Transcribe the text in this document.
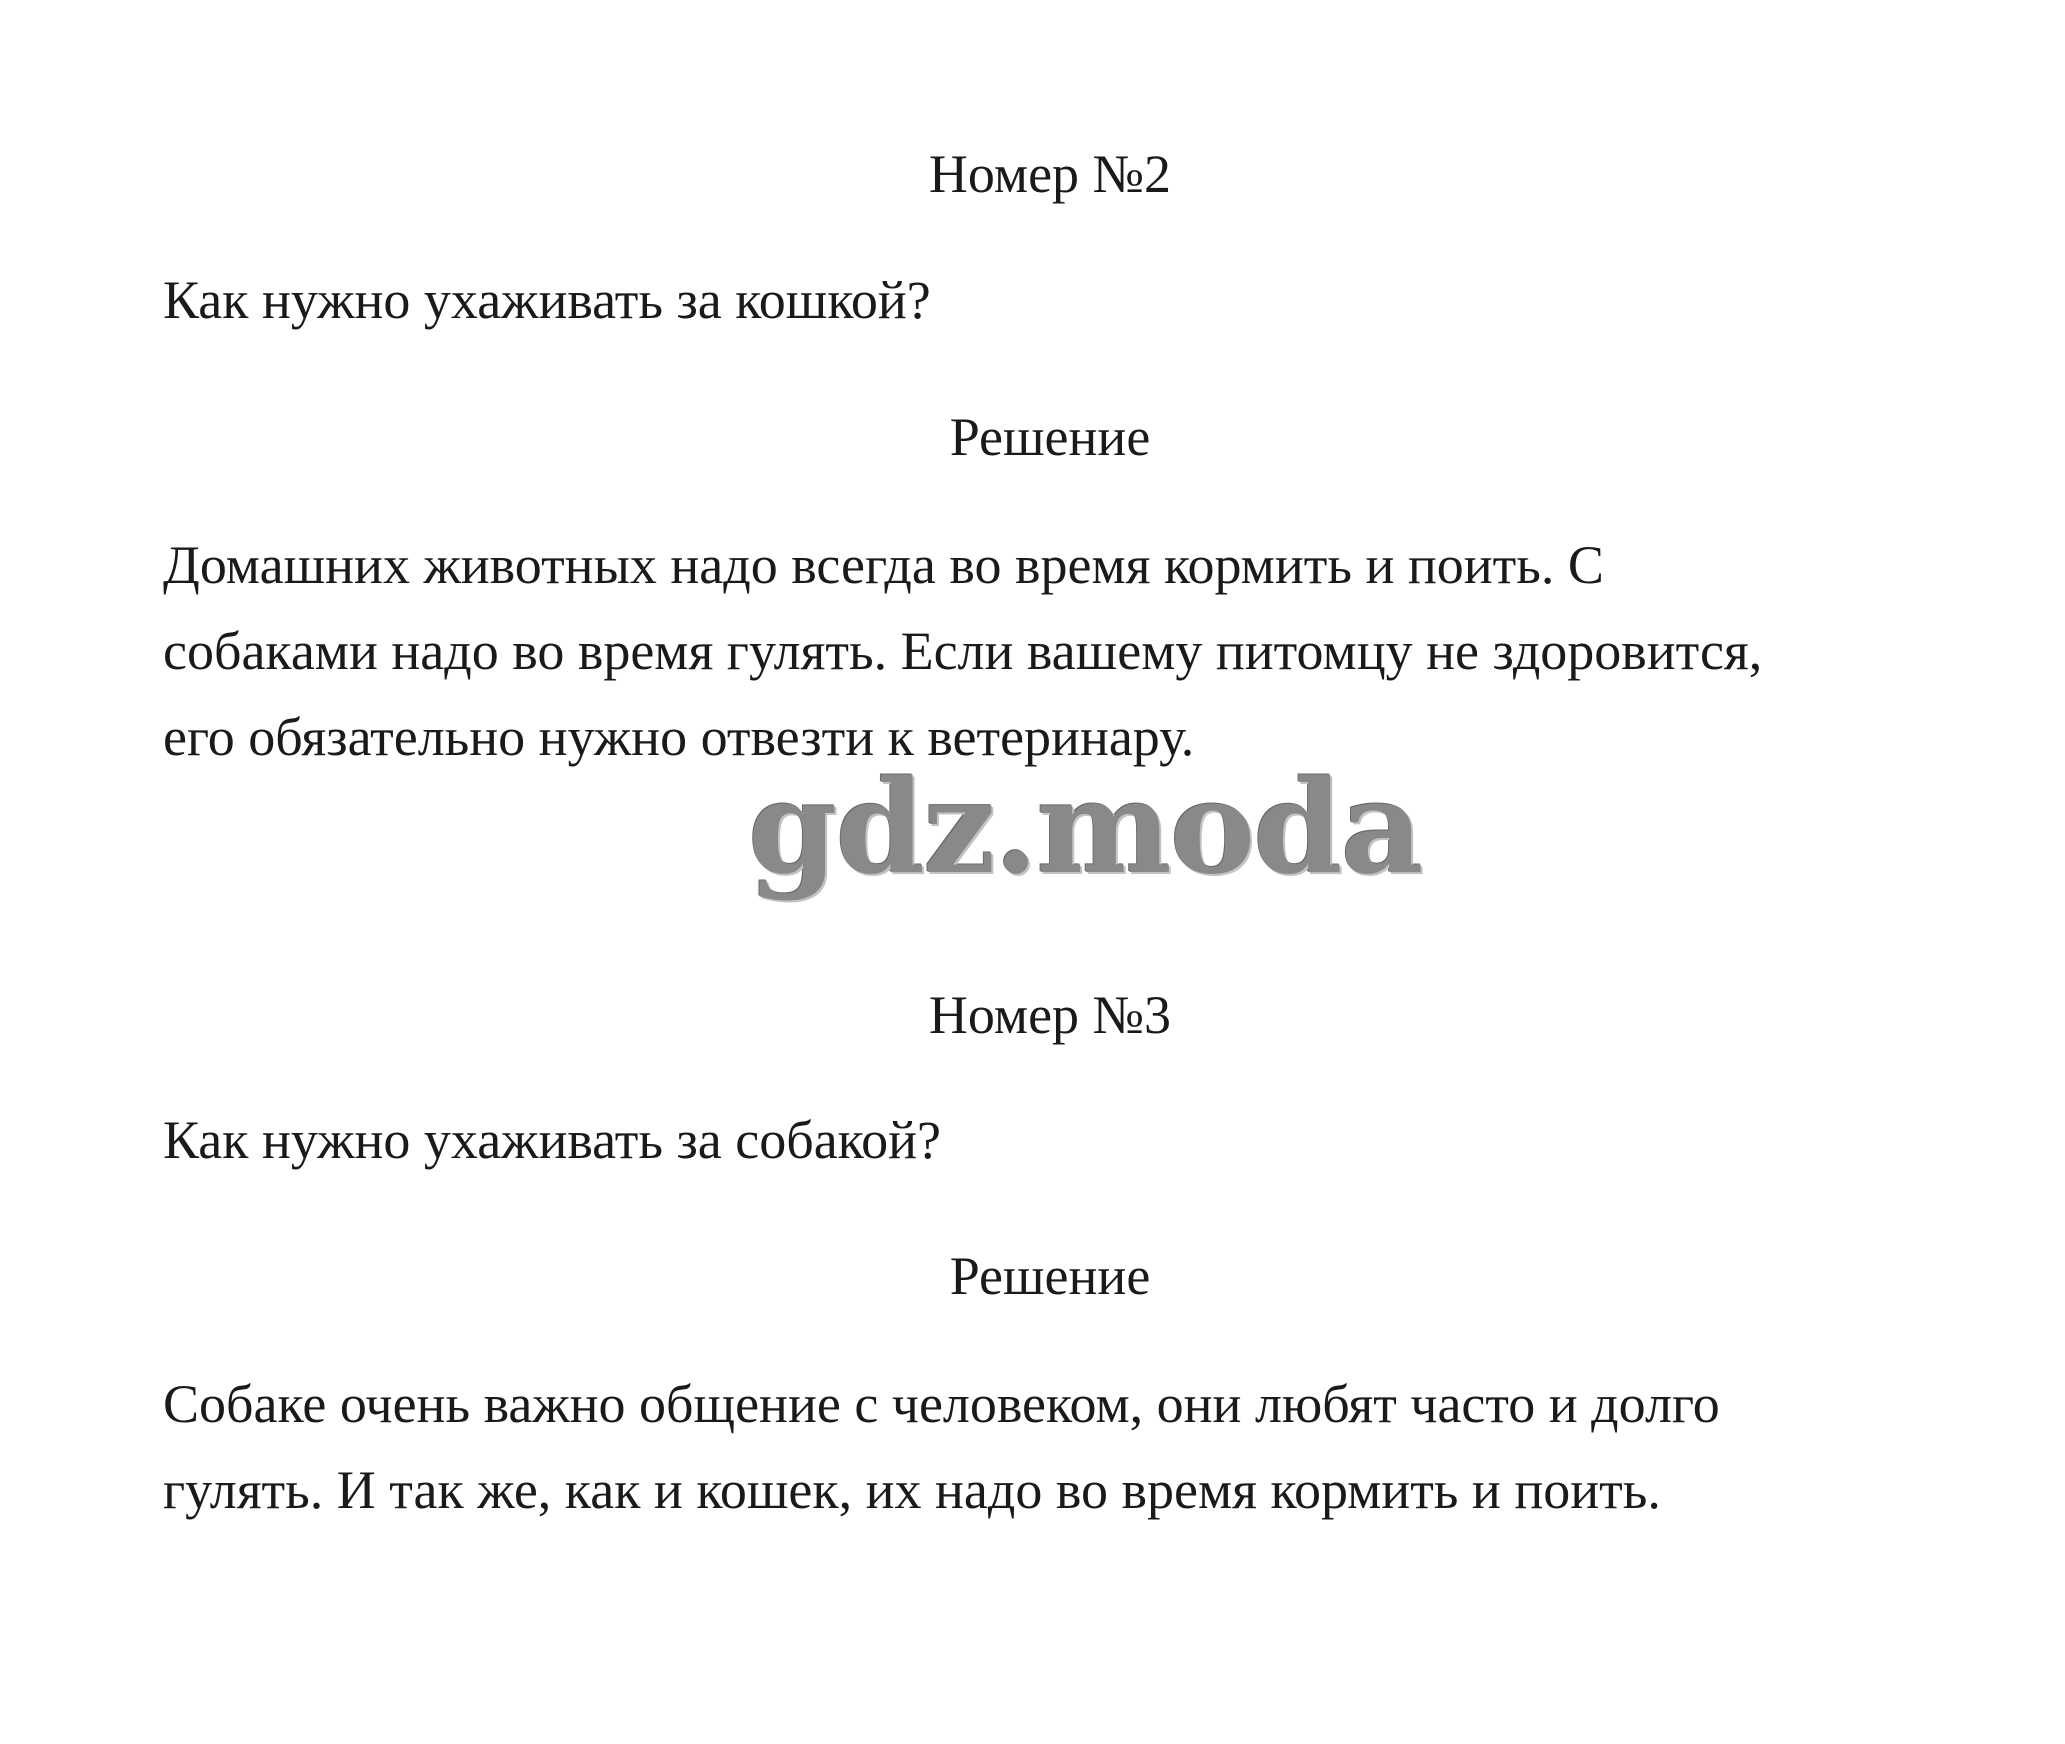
Номер №2
Как нужно ухаживать за кошкой?
Решение
Домашних животных надо всегда во время кормить и поить. С
собаками надо во время гулять. Если вашему питомцу не здоровится,
его обязательно нужно отвезти к ветеринару.
gdz.moda
Номер №3
Как нужно ухаживать за собакой?
Решение
Собаке очень важно общение с человеком, они любят часто и долго
гулять. И так же, как и кошек, их надо во время кормить и поить.
